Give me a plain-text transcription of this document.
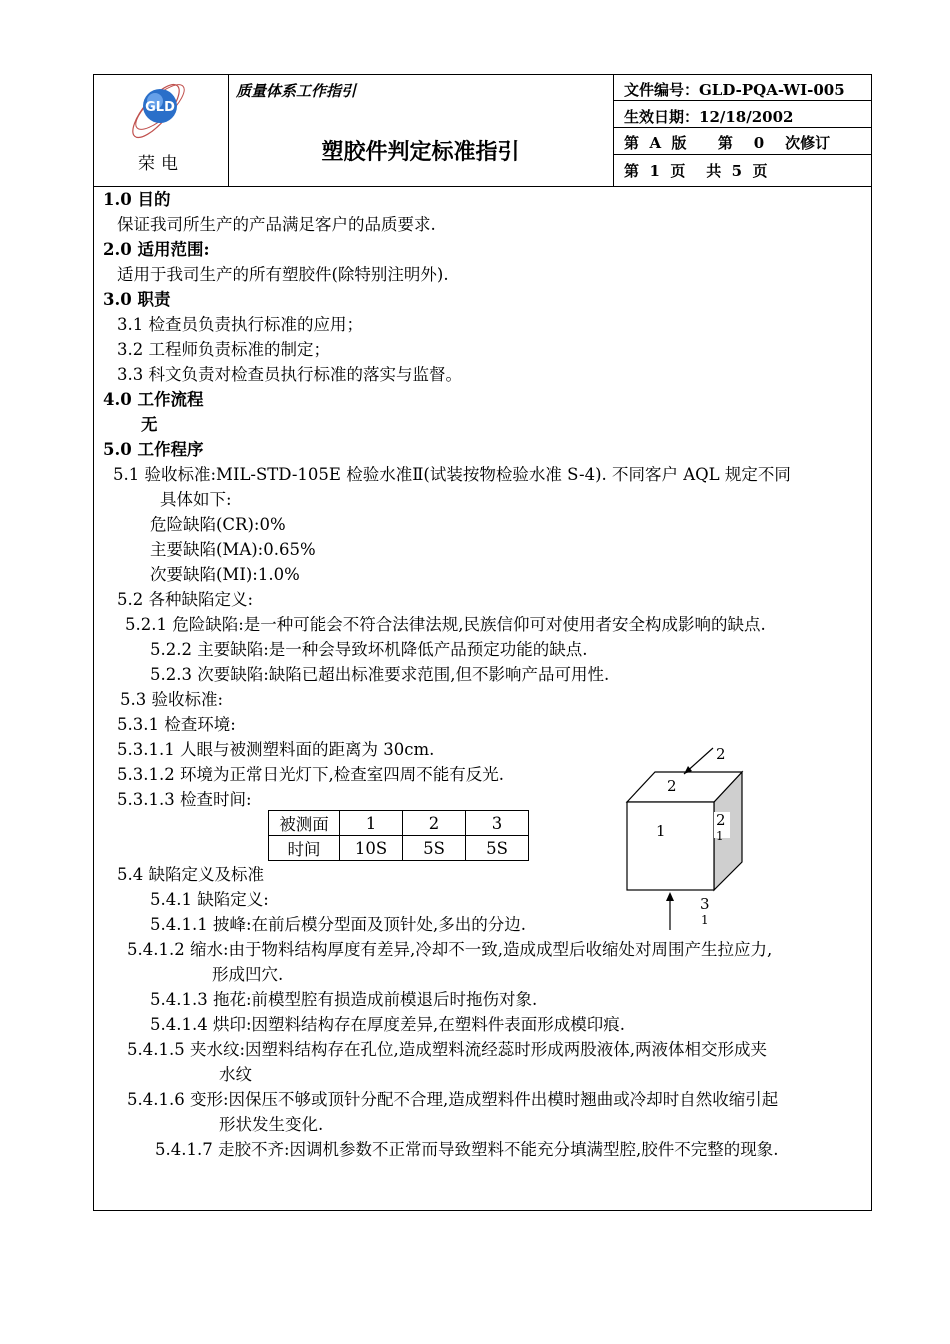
GLD
荣电
质量体系工作指引
塑胶件判定标准指引
文件编号：GLD-PQA-WI-005
生效日期：12/18/2002
第  A  版      第    0    次修订
第  1  页    共  5  页
1.0 目的
保证我司所生产的产品满足客户的品质要求.
2.0 适用范围:
适用于我司生产的所有塑胶件(除特别注明外).
3.0 职责
3.1 检查员负责执行标准的应用；
3.2 工程师负责标准的制定；
3.3 科文负责对检查员执行标准的落实与监督。
4.0 工作流程
无
5.0 工作程序
5.1 验收标准:MIL-STD-105E 检验水准Ⅱ(试装按物检验水准 S-4). 不同客户 AQL 规定不同
具体如下:
危险缺陷(CR):0%
主要缺陷(MA):0.65%
次要缺陷(MI):1.0%
5.2 各种缺陷定义:
5.2.1 危险缺陷:是一种可能会不符合法律法规,民族信仰可对使用者安全构成影响的缺点.
5.2.2 主要缺陷:是一种会导致坏机降低产品预定功能的缺点.
5.2.3 次要缺陷:缺陷已超出标准要求范围,但不影响产品可用性.
5.3 验收标准:
5.3.1 检查环境:
5.3.1.1 人眼与被测塑料面的距离为 30cm.
5.3.1.2 环境为正常日光灯下,检查室四周不能有反光.
5.3.1.3 检查时间:
被测面	1	2	3
时间	10S	5S	5S
5.4 缺陷定义及标准
5.4.1 缺陷定义:
5.4.1.1 披峰:在前后模分型面及顶针处,多出的分边.
5.4.1.2 缩水:由于物料结构厚度有差异,冷却不一致,造成成型后收缩处对周围产生拉应力,
形成凹穴.
5.4.1.3 拖花:前模型腔有损造成前模退后时拖伤对象.
5.4.1.4 烘印:因塑料结构存在厚度差异,在塑料件表面形成模印痕.
5.4.1.5 夹水纹:因塑料结构存在孔位,造成塑料流经蕊时形成两股液体,两液体相交形成夹
水纹
5.4.1.6 变形:因保压不够或顶针分配不合理,造成塑料件出模时翘曲或冷却时自然收缩引起
形状发生变化.
5.4.1.7 走胶不齐:因调机参数不正常而导致塑料不能充分填满型腔,胶件不完整的现象.
1
2
2
2
1
3
1
